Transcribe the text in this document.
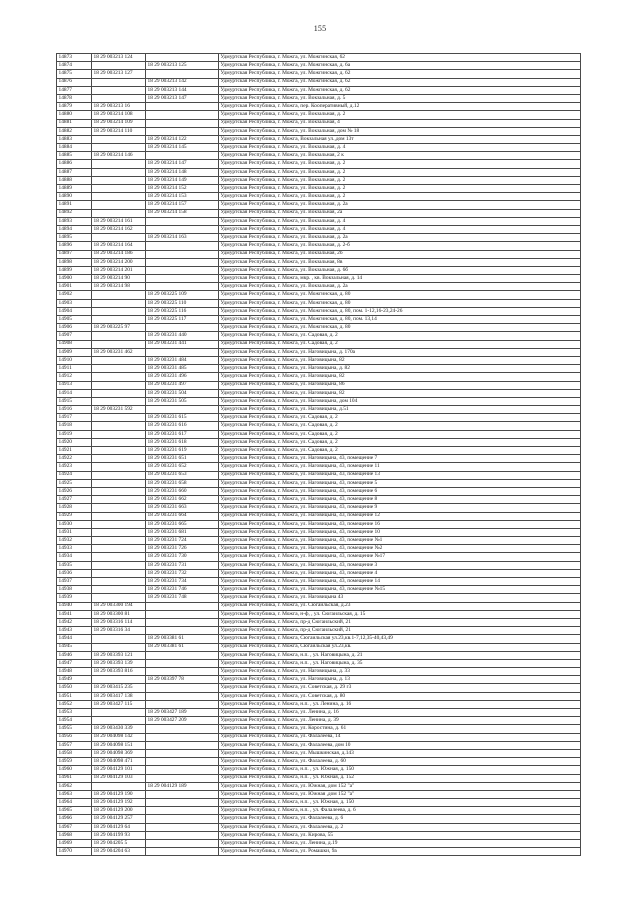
155
14873	18 29 003213 124		Удмуртская Республика, г. Можга, ул. Можгинская, 62
14874		18 29 003213 125	Удмуртская Республика, г. Можга, ул. Можгинская, д. 6а
14875	18 29 003213 127		Удмуртская Республика, г. Можга, ул. Можгинская, д. 62
14876		18 29 003213 142	Удмуртская Республика, г. Можга, ул. Можгинская, д. 62
14877		18 29 003213 144	Удмуртская Республика, г. Можга, ул. Можгинская, д. 62
14878		18 29 003213 147	Удмуртская Республика, г. Можга, ул. Вокзальная, д. 5
14879	18 29 003213 16		Удмуртская Республика, г. Можга, пер. Кооперативный, д.12
14880	18 29 003214 108		Удмуртская Республика, г. Можга, ул. Вокзальная, д. 2
14881	18 29 003214 109		Удмуртская Республика, г. Можга, ул. Вокзальная, 4
14882	18 29 003214 110		Удмуртская Республика, г. Можга, ул. Вокзальная, дом № 18
14883		18 29 003214 122	Удмуртская Республика, г. Можга, Вокзальная ул.,дом 13т
14884		18 29 003214 145	Удмуртская Республика, г. Можга, ул. Вокзальная, д. 4
14885	18 29 003214 146		Удмуртская Республика, г. Можга, ул. Вокзальная, 2 к
14886		18 29 003214 147	Удмуртская Республика, г. Можга, ул. Вокзальная, д. 2
14887		18 29 003214 148	Удмуртская Республика, г. Можга, ул. Вокзальная, д. 2
14888		18 29 003214 149	Удмуртская Республика, г. Можга, ул. Вокзальная, д. 2
14889		18 29 003214 152	Удмуртская Республика, г. Можга, ул. Вокзальная, д. 2
14890		18 29 003214 153	Удмуртская Республика, г. Можга, ул. Вокзальная, д. 2
14891		18 29 003214 157	Удмуртская Республика, г. Можга, ул. Вокзальная, д. 2а
14892		18 29 003214 158	Удмуртская Республика, г. Можга, ул. Вокзальная, 2а
14893	18 29 003214 161		Удмуртская Республика, г. Можга, ул. Вокзальная, д. 4
14894	18 29 003214 162		Удмуртская Республика, г. Можга, ул. Вокзальная, д. 4
14895		18 29 003214 163	Удмуртская Республика, г. Можга, ул. Вокзальная, д. 2а
14896	18 29 003214 164		Удмуртская Республика, г. Можга, ул. Вокзальная, д. 2-б
14897	18 29 003214 186		Удмуртская Республика, г. Можга, ул. Вокзальная, 2б
14898	18 29 003214 200		Удмуртская Республика, г. Можга, ул. Вокзальная, 8в
14899	18 29 003214 201		Удмуртская Республика, г. Можга, ул. Вокзальная, д. 6б
14900	18 29 003214 90		Удмуртская Республика, г. Можга, мкр. , кв. Вокзальная, д. 14
14901	18 29 003214 98		Удмуртская Республика, г. Можга, ул. Вокзальная, д. 2а
14902		18 29 003225 109	Удмуртская Республика, г. Можга, ул. Можгинская, д. 80
14903		18 29 003225 110	Удмуртская Республика, г. Можга, ул. Можгинская, д. 80
14904		18 29 003225 116	Удмуртская Республика, г. Можга, ул. Можгинская, д. 80, пом. 1-12,16-23,24-26
14905		18 29 003225 117	Удмуртская Республика, г. Можга, ул. Можгинская, д. 80, пом. 13,14
14906	18 29 003225 97		Удмуртская Республика, г. Можга, ул. Можгинская, д. 80
14907		18 29 003231 440	Удмуртская Республика, г. Можга, ул. Садовая, д. 2
14908		18 29 003231 441	Удмуртская Республика, г. Можга, ул. Садовая, д. 2
14909	18 29 003231 462		Удмуртская Республика, г. Можга, ул. Наговицына, д. 170а
14910		18 29 003231 484	Удмуртская Республика, г. Можга, ул. Наговицына, 82
14911		18 29 003231 485	Удмуртская Республика, г. Можга, ул. Наговицына, д. 82
14912		18 29 003231 496	Удмуртская Республика, г. Можга, ул. Наговицына, 82
14913		18 29 003231 497	Удмуртская Республика, г. Можга, ул. Наговицына, 86
14914		18 29 003231 504	Удмуртская Республика, г. Можга, ул. Наговицына, 82
14915		18 29 003231 505	Удмуртская Республика, г. Можга, ул. Наговицына, дом 104
14916	18 29 003231 592		Удмуртская Республика, г. Можга, ул. Наговицына, д.51
14917		18 29 003231 615	Удмуртская Республика, г. Можга, ул. Садовая, д. 2
14918		18 29 003231 616	Удмуртская Республика, г. Можга, ул. Садовая, д. 2
14919		18 29 003231 617	Удмуртская Республика, г. Можга, ул. Садовая, д. 2
14920		18 29 003231 618	Удмуртская Республика, г. Можга, ул. Садовая, д. 2
14921		18 29 003231 619	Удмуртская Республика, г. Можга, ул. Садовая, д. 2
14922		18 29 003231 651	Удмуртская Республика, г. Можга, ул. Наговицына, 43, помещение 7
14923		18 29 003231 652	Удмуртская Республика, г. Можга, ул. Наговицына, 43, помещение 11
14924		18 29 003231 653	Удмуртская Республика, г. Можга, ул. Наговицына, 43, помещение 13
14925		18 29 003231 658	Удмуртская Республика, г. Можга, ул. Наговицына, 43, помещение 5
14926		18 29 003231 660	Удмуртская Республика, г. Можга, ул. Наговицына, 43, помещение 6
14927		18 29 003231 662	Удмуртская Республика, г. Можга, ул. Наговицына, 43, помещение 8
14928		18 29 003231 663	Удмуртская Республика, г. Можга, ул. Наговицына, 43, помещение 9
14929		18 29 003231 664	Удмуртская Республика, г. Можга, ул. Наговицына, 43, помещение 12
14930		18 29 003231 665	Удмуртская Республика, г. Можга, ул. Наговицына, 43, помещение 16
14931		18 29 003231 681	Удмуртская Республика, г. Можга, ул. Наговицына, 43, помещение 10
14932		18 29 003231 724	Удмуртская Республика, г. Можга, ул. Наговицына, 43, помещение №1
14933		18 29 003231 726	Удмуртская Республика, г. Можга, ул. Наговицына, 43, помещение №2
14934		18 29 003231 730	Удмуртская Республика, г. Можга, ул. Наговицына, 43, помещение №17
14935		18 29 003231 731	Удмуртская Республика, г. Можга, ул. Наговицына, 43, помещение 3
14936		18 29 003231 732	Удмуртская Республика, г. Можга, ул. Наговицына, 43, помещение 4
14937		18 29 003231 734	Удмуртская Республика, г. Можга, ул. Наговицына, 43, помещение 14
14938		18 29 003231 746	Удмуртская Республика, г. Можга, ул. Наговицына, 43, помещение №15
14939		18 29 003231 748	Удмуртская Республика, г. Можга, ул. Наговицына 43
14940	18 29 003300 194		Удмуртская Республика, г. Можга, ул. Сюгаильская, д.23
14941	18 29 003300 81		Удмуртская Республика, г. Можга, н-ф, , ул. Сюгаильская, д. 15
14942	18 29 003316 114		Удмуртская Республика, г. Можга, пр-д Сюгаильский, 21
14943	18 29 003316 34		Удмуртская Республика, г. Можга, пр-д Сюгаильский, 21
14944		18 29 003381 61	Удмуртская Республика, г. Можга, Сюгаильская ул.23,кв.1-7,12,35-40,43,49
14945		18 29 003381 61	Удмуртская Республика, г. Можга, Сюгаильская ул.23,кв.
14946	18 29 003393 121		Удмуртская Республика, г. Можга, н.п. , ул. Наговицына, д. 21
14947	18 29 003393 139		Удмуртская Республика, г. Можга, н.п. , ул. Наговицына, д. 35
14948	18 29 003393 816		Удмуртская Республика, г. Можга, ул. Наговицына, д. 33
14949		18 29 003397 78	Удмуртская Республика, г. Можга, ул. Наговицына, д. 13
14950	18 29 003415 235		Удмуртская Республика, г. Можга, ул. Советская, д. 29 г3
14951	18 29 003417 138		Удмуртская Республика, г. Можга, ул. Советская, д. 80
14952	18 29 003427 115		Удмуртская Республика, г. Можга, н.п. , ул. Ленина, д. 16
14953		18 29 003427 189	Удмуртская Республика, г. Можга, ул. Ленина, д. 16
14954		18 29 003427 209	Удмуртская Республика, г. Можга, ул. Ленина, д. 39
14955	18 29 003430 339		Удмуртская Республика, г. Можга, ул. Коростина, д. 61
14956	18 29 004098 142		Удмуртская Республика, г. Можга, ул. Фалалеева, 14
14957	18 29 004098 151		Удмуртская Республика, г. Можга, ул. Фалалеева, дом 10
14958	18 29 004098 369		Удмуртская Республика, г. Можга, ул. Мышкинская, д.143
14959	18 29 004098 471		Удмуртская Республика, г. Можга, ул. Фалалеева, д. 60
14960	18 29 004129 101		Удмуртская Республика, г. Можга, н.п. , ул. Южная, д. 150
14961	18 29 004129 103		Удмуртская Республика, г. Можга, н.п. , ул. Южная, д. 152
14962		18 29 004129 189	Удмуртская Республика, г. Можга, ул. Южная, дом 152 "а"
14963	18 29 004129 190		Удмуртская Республика, г. Можга, ул. Южная ,дом 152 "а"
14964	18 29 004129 192		Удмуртская Республика, г. Можга, н.п. , ул. Южная, д. 150
14965	18 29 004129 200		Удмуртская Республика, г. Можга, н.п. , ул. Фалалеева, д. 6
14966	18 29 004129 257		Удмуртская Республика, г. Можга, ул. Фалалеева, д. 6
14967	18 29 004129 64		Удмуртская Республика, г. Можга, ул. Фалалеева, д. 2
14968	18 29 004199 93		Удмуртская Республика, г. Можга, ул. Кирова, 55
14969	18 29 004205 5		Удмуртская Республика, г. Можга, ул. Ленина, д.19
14970	18 29 004204 63		Удмуртская Республика, г. Можга, ул. Ромашки, 9а
